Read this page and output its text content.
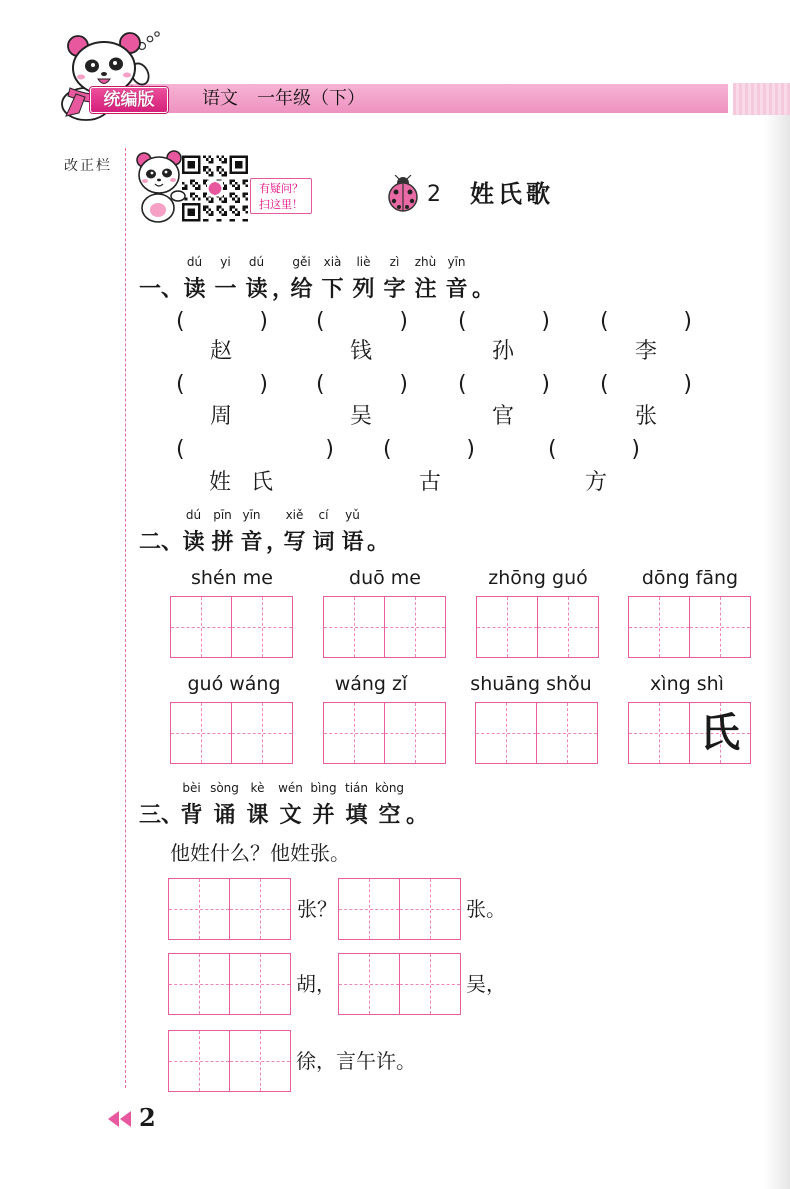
统编版	语文 一年级（下）
改正栏
有疑问？
扫这里！	2 姓氏歌
一、
dú
读
yi
一
dú
读 ，
gěi
给
xià
下
liè
列
zì
字
zhù
注
yīn
音 。
( )
( )
( )
( )
赵	钱	孙	李
( )
( )
( )
( )
周	吴	官	张
( )
( )
( )
姓氏	古	方
二、
dú
读
pīn
拼
yīn
音 ，
xiě
写
cí
词
yǔ
语 。
shén me	duō me	zhōng guó	dōng fāng
guó wáng	wáng zǐ	shuāng shǒu	xìng shì
氏
三、
bèi
背
sòng
诵
kè
课
wén
文
bìng
并
tián
填
kòng
空 。
他姓什么？他姓张。
张？	张。
胡，	吴，
徐，言午许。
2
